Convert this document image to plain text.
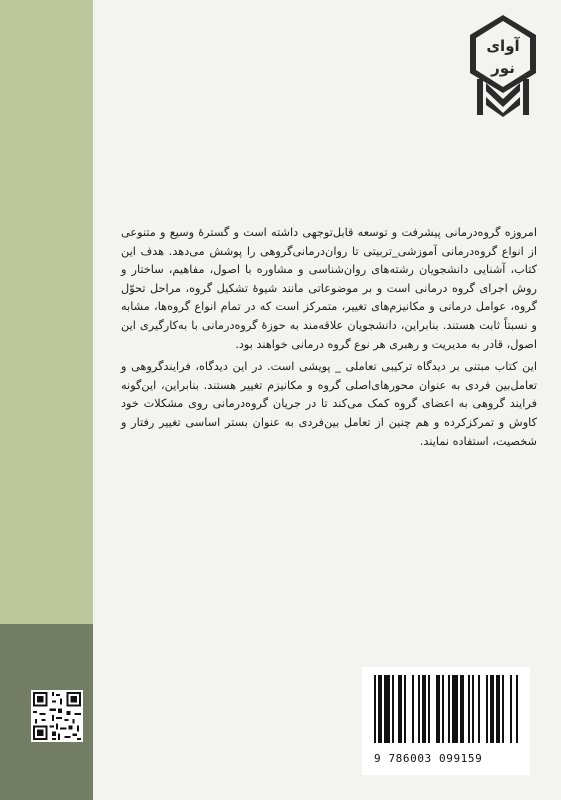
آوای
نور

امروزه گروه‌درمانی پیشرفت و توسعه قابل‌توجهی داشته است و گسترۀ وسیع و متنوعی از انواع گروه‌درمانی آموزشی_تربیتی تا روان‌درمانی‌گروهی را پوشش می‌دهد. هدف این کتاب، آشنایی دانشجویان رشته‌های روان‌شناسی و مشاوره با اصول، مفاهیم، ساختار و روش اجرای گروه درمانی است و بر موضوعاتی مانند شیوۀ تشکیل گروه، مراحل تحوّل گروه، عوامل درمانی و مکانیزم‌های تغییر، متمرکز است که در تمام انواع گروه‌ها، مشابه و نسبتاً ثابت هستند. بنابراین، دانشجویان علاقه‌مند به حوزۀ گروه‌درمانی با به‌کارگیری این اصول، قادر به مدیریت و رهبری هر نوع گروه درمانی خواهند بود.

این کتاب مبتنی بر دیدگاه ترکیبی تعاملی _ پویشی است. در این دیدگاه، فرایندگروهی و تعامل‌بین فردی به عنوان محورهای‌اصلی گروه و مکانیزم تغییر هستند. بنابراین، این‌گونه فرایند گروهی به اعضای گروه کمک می‌کند تا در جریان گروه‌درمانی روی مشکلات خود کاوش و تمرکزکرده و هم چنین از تعامل بین‌فردی به عنوان بستر اساسی تغییر رفتار و شخصیت، استفاده نمایند.

9 786003 099159
